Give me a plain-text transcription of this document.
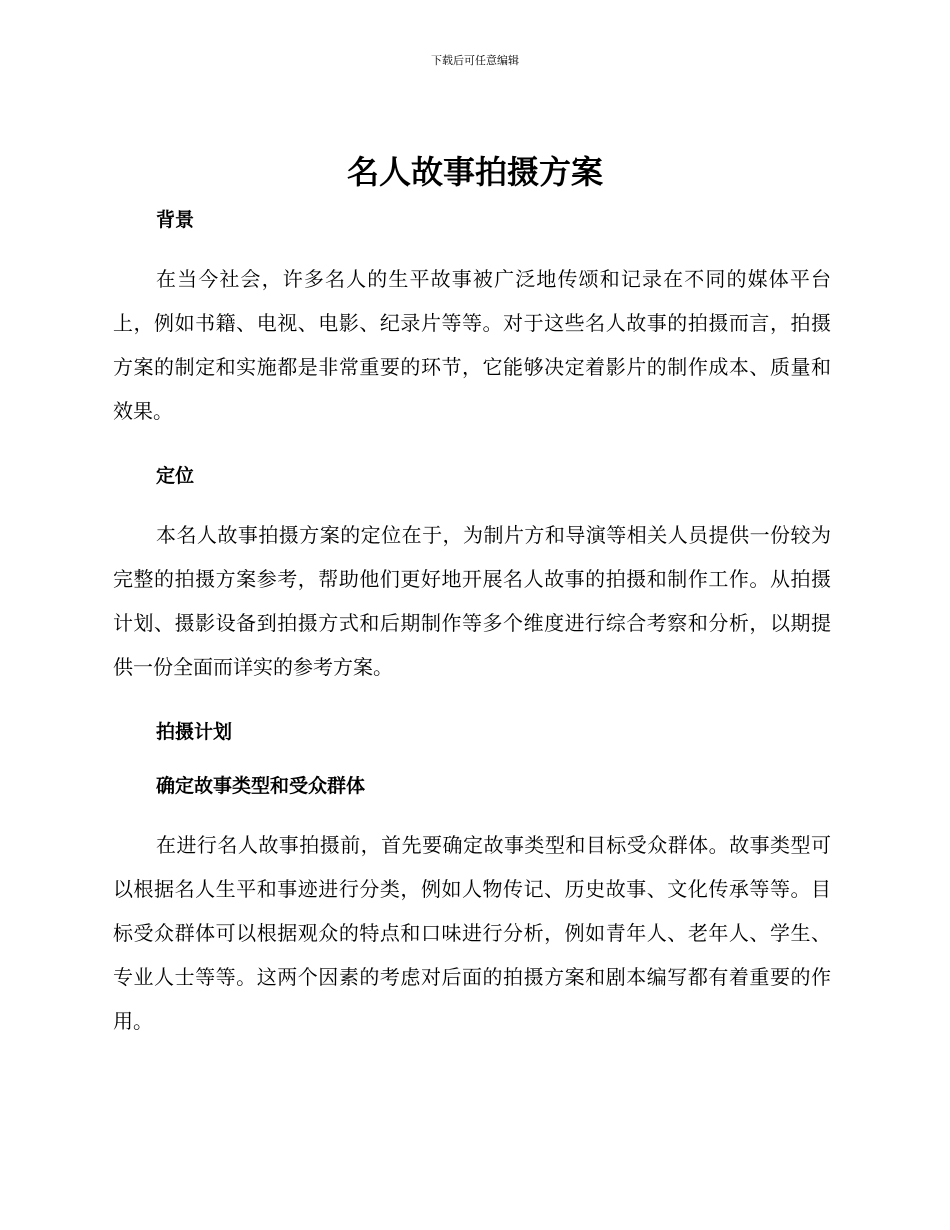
下载后可任意编辑
名人故事拍摄方案
背景

在当今社会，许多名人的生平故事被广泛地传颂和记录在不同的媒体平台上，例如书籍、电视、电影、纪录片等等。对于这些名人故事的拍摄而言，拍摄方案的制定和实施都是非常重要的环节，它能够决定着影片的制作成本、质量和效果。

定位

本名人故事拍摄方案的定位在于，为制片方和导演等相关人员提供一份较为完整的拍摄方案参考，帮助他们更好地开展名人故事的拍摄和制作工作。从拍摄计划、摄影设备到拍摄方式和后期制作等多个维度进行综合考察和分析，以期提供一份全面而详实的参考方案。

拍摄计划
确定故事类型和受众群体

在进行名人故事拍摄前，首先要确定故事类型和目标受众群体。故事类型可以根据名人生平和事迹进行分类，例如人物传记、历史故事、文化传承等等。目标受众群体可以根据观众的特点和口味进行分析，例如青年人、老年人、学生、专业人士等等。这两个因素的考虑对后面的拍摄方案和剧本编写都有着重要的作用。
